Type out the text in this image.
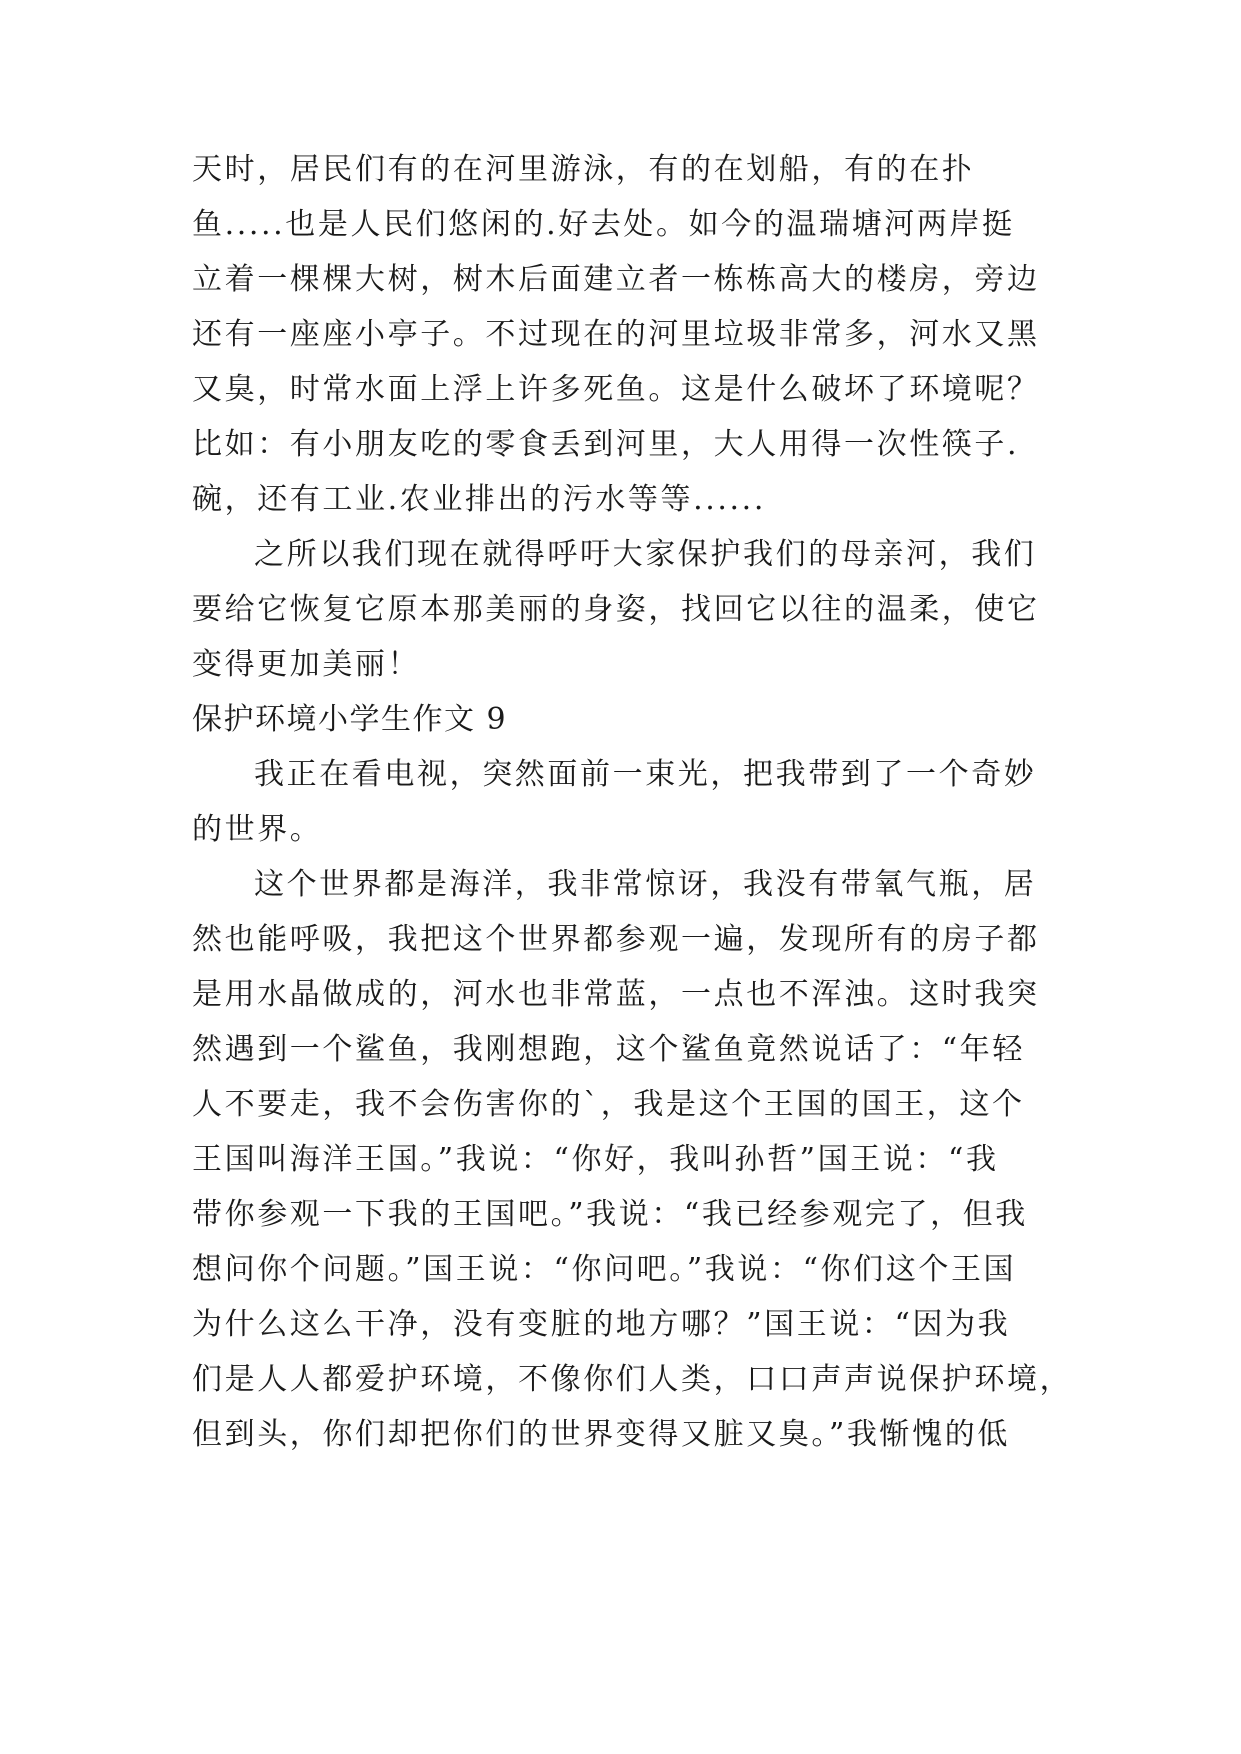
天时，居民们有的在河里游泳，有的在划船，有的在扑
鱼.....也是人民们悠闲的.好去处。如今的温瑞塘河两岸挺
立着一棵棵大树，树木后面建立者一栋栋高大的楼房，旁边
还有一座座小亭子。不过现在的河里垃圾非常多，河水又黑
又臭，时常水面上浮上许多死鱼。这是什么破坏了环境呢？
比如：有小朋友吃的零食丢到河里，大人用得一次性筷子.
碗，还有工业.农业排出的污水等等......
之所以我们现在就得呼吁大家保护我们的母亲河，我们
要给它恢复它原本那美丽的身姿，找回它以往的温柔，使它
变得更加美丽！
保护环境小学生作文 9
我正在看电视，突然面前一束光，把我带到了一个奇妙
的世界。
这个世界都是海洋，我非常惊讶，我没有带氧气瓶，居
然也能呼吸，我把这个世界都参观一遍，发现所有的房子都
是用水晶做成的，河水也非常蓝，一点也不浑浊。这时我突
然遇到一个鲨鱼，我刚想跑，这个鲨鱼竟然说话了：“年轻
人不要走，我不会伤害你的`，我是这个王国的国王，这个
王国叫海洋王国。”我说：“你好，我叫孙哲”国王说：“我
带你参观一下我的王国吧。”我说：“我已经参观完了，但我
想问你个问题。”国王说：“你问吧。”我说：“你们这个王国
为什么这么干净，没有变脏的地方哪？”国王说：“因为我
们是人人都爱护环境，不像你们人类，口口声声说保护环境，
但到头，你们却把你们的世界变得又脏又臭。”我惭愧的低
